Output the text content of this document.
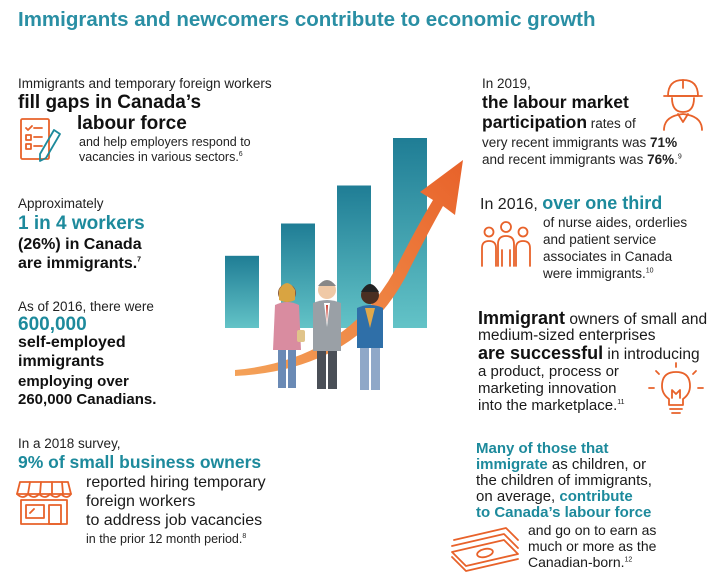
Immigrants and newcomers contribute to economic growth
Immigrants and temporary foreign workers
fill gaps in Canada’s
labour force
and help employers respond to
vacancies in various sectors.$^6$
Approximately
1 in 4 workers
(26%) in Canada
are immigrants.$^7$
As of 2016, there were
600,000
self-employed
immigrants
employing over
260,000 Canadians.
In a 2018 survey,
9% of small business owners
reported hiring temporary
foreign workers
to address job vacancies
in the prior 12 month period.$^8$
In 2019,
the labour market
participation rates of
very recent immigrants was 71%
and recent immigrants was 76%.$^9$
In 2016, over one third
of nurse aides, orderlies
and patient service
associates in Canada
were immigrants.$^{10}$
Immigrant owners of small and
medium-sized enterprises
are successful in introducing
a product, process or
marketing innovation
into the marketplace.$^{11}$
Many of those that
immigrate as children, or
the children of immigrants,
on average, contribute
to Canada’s labour force
and go on to earn as
much or more as the
Canadian-born.$^{12}$
